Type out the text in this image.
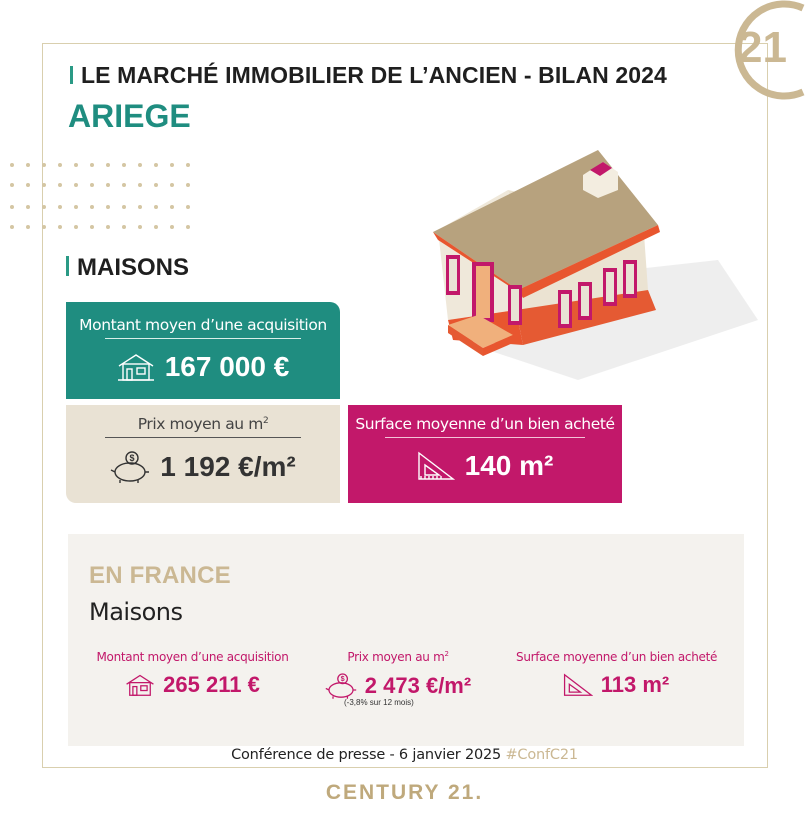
21
LE MARCHÉ IMMOBILIER DE L’ANCIEN - BILAN 2024
ARIEGE
MAISONS
Montant moyen d’une acquisition
167 000 €
Prix moyen au $m^2$
$ 1 192 €/m²
Surface moyenne d’un bien acheté
140 m²
EN FRANCE
Maisons
Montant moyen d’une acquisition
265 211 €
Prix moyen au $m^2$
$ 2 473 €/m²
(-3,8% sur 12 mois)
Surface moyenne d’un bien acheté
113 m²
Conférence de presse - 6 janvier 2025 #ConfC21
CENTURY 21.
